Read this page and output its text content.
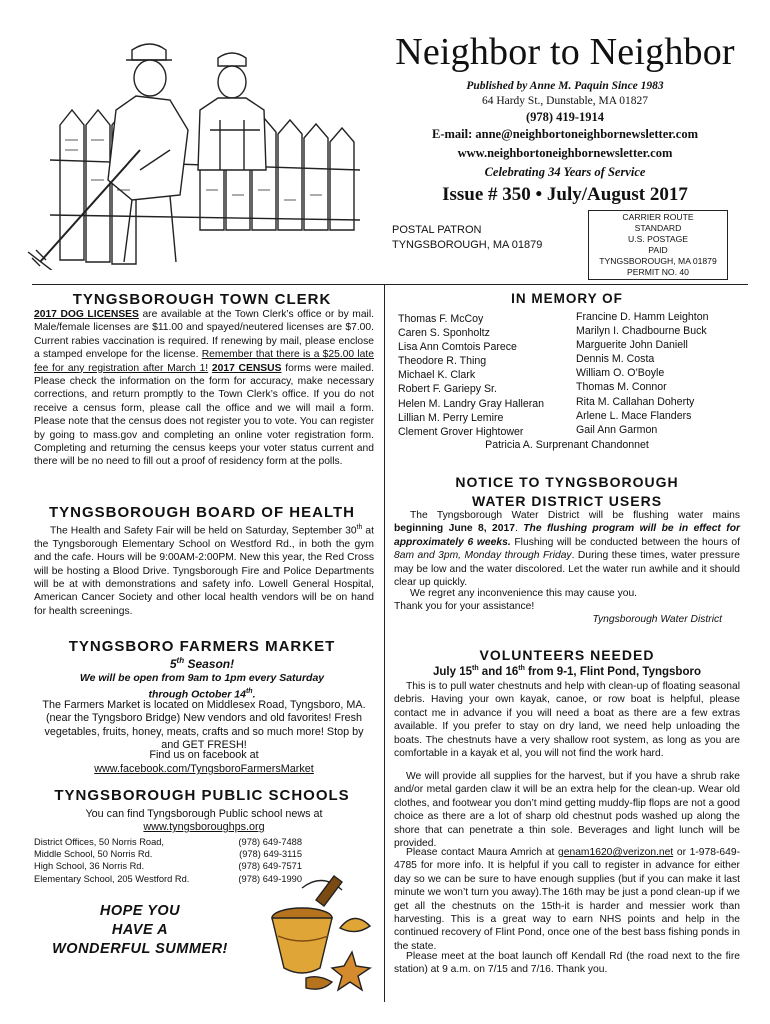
Neighbor to Neighbor
Published by Anne M. Paquin Since 1983
64 Hardy St., Dunstable, MA 01827
(978) 419-1914
E-mail: anne@neighbortoneighbornewsletter.com
www.neighbortoneighbornewsletter.com
Celebrating 34 Years of Service
Issue # 350 • July/August 2017
POSTAL PATRON
TYNGSBOROUGH, MA 01879
CARRIER ROUTE
STANDARD
U.S. POSTAGE
PAID
TYNGSBOROUGH, MA 01879
PERMIT NO. 40
TYNGSBOROUGH TOWN CLERK
2017 DOG LICENSES are available at the Town Clerk’s office or by mail. Male/female licenses are $11.00 and spayed/neutered licenses are $7.00. Current rabies vaccination is required. If renewing by mail, please enclose a stamped envelope for the license. Remember that there is a $25.00 late fee for any registration after March 1! 2017 CENSUS forms were mailed. Please check the information on the form for accuracy, make necessary corrections, and return promptly to the Town Clerk’s office. If you do not receive a census form, please call the office and we will mail a form. Please note that the census does not register you to vote. You can register by going to mass.gov and completing an online voter registration form. Completing and returning the census keeps your voter status current and there will be no need to fill out a proof of residency form at the polls.
TYNGSBOROUGH BOARD OF HEALTH
The Health and Safety Fair will be held on Saturday, September 30th at the Tyngsborough Elementary School on Westford Rd., in both the gym and the cafe. Hours will be 9:00AM-2:00PM. New this year, the Red Cross will be hosting a Blood Drive. Tyngsborough Fire and Police Departments will be at with demonstrations and safety info. Lowell General Hospital, American Cancer Society and other local health vendors will be on hand for health screenings.
TYNGSBORO FARMERS MARKET
5th Season!
We will be open from 9am to 1pm every Saturday
through October 14th.
The Farmers Market is located on Middlesex Road, Tyngsboro, MA. (near the Tyngsboro Bridge) New vendors and old favorites! Fresh vegetables, fruits, honey, meats, crafts and so much more! Stop by and GET FRESH!
Find us on facebook at
www.facebook.com/TyngsboroFarmersMarket
TYNGSBOROUGH PUBLIC SCHOOLS
You can find Tyngsborough Public school news at
www.tyngsboroughps.org
District Offices, 50 Norris Road,	(978) 649-7488
Middle School, 50 Norris Rd.	(978) 649-3115
High School, 36 Norris Rd.	(978) 649-7571
Elementary School, 205 Westford Rd.	(978) 649-1990
HOPE YOU
HAVE A
WONDERFUL SUMMER!
IN MEMORY OF
Thomas F. McCoy
Caren S. Sponholtz
Lisa Ann Comtois Parece
Theodore R. Thing
Michael K. Clark
Robert F. Gariepy Sr.
Helen M. Landry Gray Halleran
Lillian M. Perry Lemire
Clement Grover Hightower
Francine D. Hamm Leighton
Marilyn I. Chadbourne Buck
Marguerite John Daniell
Dennis M. Costa
William O. O’Boyle
Thomas M. Connor
Rita M. Callahan Doherty
Arlene L. Mace Flanders
Gail Ann Garmon
Patricia A. Surprenant Chandonnet
NOTICE TO TYNGSBOROUGH
WATER DISTRICT USERS
The Tyngsborough Water District will be flushing water mains beginning June 8, 2017. The flushing program will be in effect for approximately 6 weeks. Flushing will be conducted between the hours of 8am and 3pm, Monday through Friday. During these times, water pressure may be low and the water discolored. Let the water run awhile and it should clear up quickly.
We regret any inconvenience this may cause you.
Thank you for your assistance!
Tyngsborough Water District
VOLUNTEERS NEEDED
July 15th and 16th from 9-1, Flint Pond, Tyngsboro
This is to pull water chestnuts and help with clean-up of floating seasonal debris. Having your own kayak, canoe, or row boat is helpful, please contact me in advance if you will need a boat as there are a few extras available. If you prefer to stay on dry land, we need help unloading the boats. The chestnuts have a very shallow root system, as long as you are comfortable in a kayak et al, you will not find the work hard.
We will provide all supplies for the harvest, but if you have a shrub rake and/or metal garden claw it will be an extra help for the clean-up. Wear old clothes, and footwear you don’t mind getting muddy-flip flops are not a good choice as there are a lot of sharp old chestnut pods washed up along the shore that can penetrate a thin sole. Beverages and light lunch will be provided.
Please contact Maura Amrich at genam1620@verizon.net or 1-978-649-4785 for more info. It is helpful if you call to register in advance for either day so we can be sure to have enough supplies (but if you can make it last minute we won’t turn you away).The 16th may be just a pond clean-up if we get all the chestnuts on the 15th-it is harder and messier work than harvesting. This is a great way to earn NHS points and help in the continued recovery of Flint Pond, once one of the best bass fishing ponds in the state.
Please meet at the boat launch off Kendall Rd (the road next to the fire station) at 9 a.m. on 7/15 and 7/16. Thank you.
